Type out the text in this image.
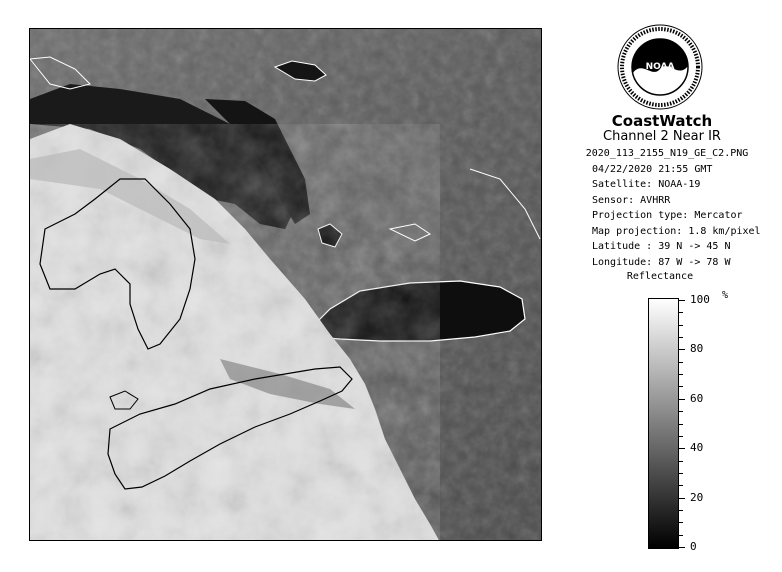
NOAA
CoastWatch
Channel 2 Near IR
2020_113_2155_N19_GE_C2.PNG
04/22/2020 21:55 GMT
Satellite: NOAA-19
Sensor: AVHRR
Projection type: Mercator
Map projection: 1.8 km/pixel
Latitude : 39 N -> 45 N
Longitude: 87 W -> 78 W
Reflectance
%
100
80
60
40
20
0
